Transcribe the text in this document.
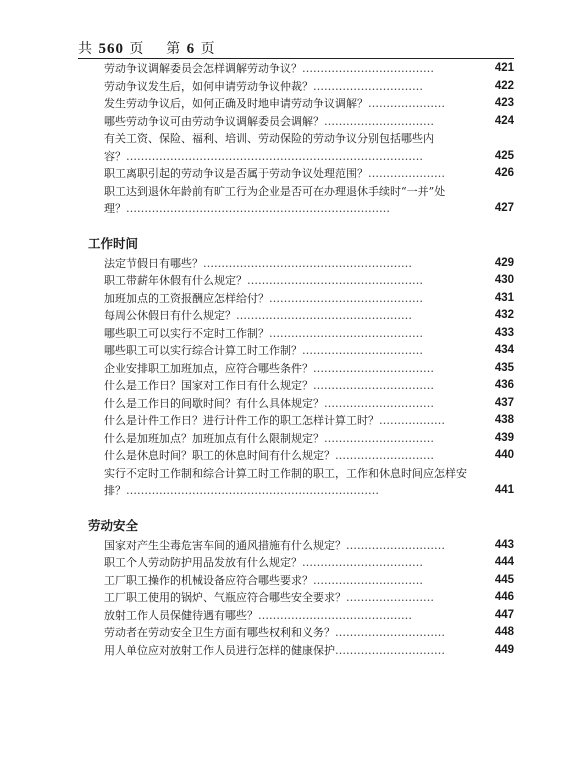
共 560 页 第 6 页
劳动争议调解委员会怎样调解劳动争议？………………………………	421
劳动争议发生后，如何申请劳动争议仲裁？…………………………	422
发生劳动争议后，如何正确及时地申请劳动争议调解？…………………	423
哪些劳动争议可由劳动争议调解委员会调解？…………………………	424
有关工资、保险、福利、培训、劳动保险的劳动争议分别包括哪些内容？………………………………………………………………………	425
职工离职引起的劳动争议是否属于劳动争议处理范围？…………………	426
职工达到退休年龄前有旷工行为企业是否可在办理退休手续时“一并”处理？………………………………………………………………	427
工作时间
法定节假日有哪些？…………………………………………………	429
职工带薪年休假有什么规定？…………………………………………	430
加班加点的工资报酬应怎样给付？……………………………………	431
每周公休假日有什么规定？…………………………………………	432
哪些职工可以实行不定时工作制？……………………………………	433
哪些职工可以实行综合计算工时工作制？……………………………	434
企业安排职工加班加点，应符合哪些条件？……………………………	435
什么是工作日？国家对工作日有什么规定？……………………………	436
什么是工作日的间歇时间？有什么具体规定？…………………………	437
什么是计件工作日？进行计件工作的职工怎样计算工时？………………	438
什么是加班加点？加班加点有什么限制规定？…………………………	439
什么是休息时间？职工的休息时间有什么规定？………………………	440
实行不定时工作制和综合计算工时工作制的职工，工作和休息时间应怎样安排？……………………………………………………………	441
劳动安全
国家对产生尘毒危害车间的通风措施有什么规定？………………………	443
职工个人劳动防护用品发放有什么规定？……………………………	444
工厂职工操作的机械设备应符合哪些要求？…………………………	445
工厂职工使用的锅炉、气瓶应符合哪些安全要求？……………………	446
放射工作人员保健待遇有哪些？……………………………………	447
劳动者在劳动安全卫生方面有哪些权利和义务？…………………………	448
用人单位应对放射工作人员进行怎样的健康保护…………………………	449
